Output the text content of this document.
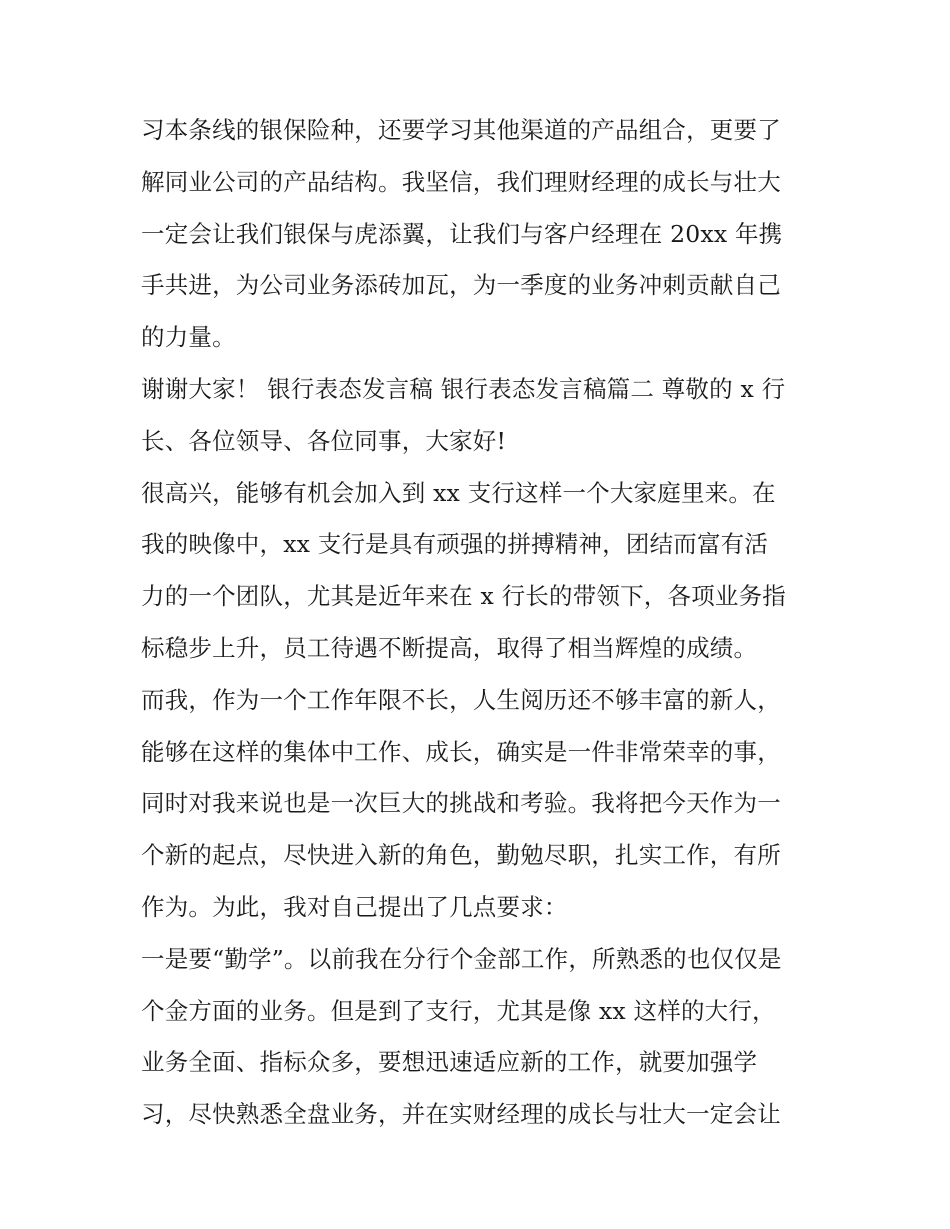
习本条线的银保险种，还要学习其他渠道的产品组合，更要了
解同业公司的产品结构。我坚信，我们理财经理的成长与壮大
一定会让我们银保与虎添翼，让我们与客户经理在 20xx 年携
手共进，为公司业务添砖加瓦，为一季度的业务冲刺贡献自己
的力量。
谢谢大家！ 银行表态发言稿 银行表态发言稿篇二 尊敬的 x 行
长、各位领导、各位同事，大家好!
很高兴，能够有机会加入到 xx 支行这样一个大家庭里来。在
我的映像中，xx 支行是具有顽强的拼搏精神，团结而富有活
力的一个团队，尤其是近年来在 x 行长的带领下，各项业务指
标稳步上升，员工待遇不断提高，取得了相当辉煌的成绩。
而我，作为一个工作年限不长，人生阅历还不够丰富的新人，
能够在这样的集体中工作、成长，确实是一件非常荣幸的事，
同时对我来说也是一次巨大的挑战和考验。我将把今天作为一
个新的起点，尽快进入新的角色，勤勉尽职，扎实工作，有所
作为。为此，我对自己提出了几点要求：
一是要“勤学”。以前我在分行个金部工作，所熟悉的也仅仅是
个金方面的业务。但是到了支行，尤其是像 xx 这样的大行，
业务全面、指标众多，要想迅速适应新的工作，就要加强学
习，尽快熟悉全盘业务，并在实财经理的成长与壮大一定会让
